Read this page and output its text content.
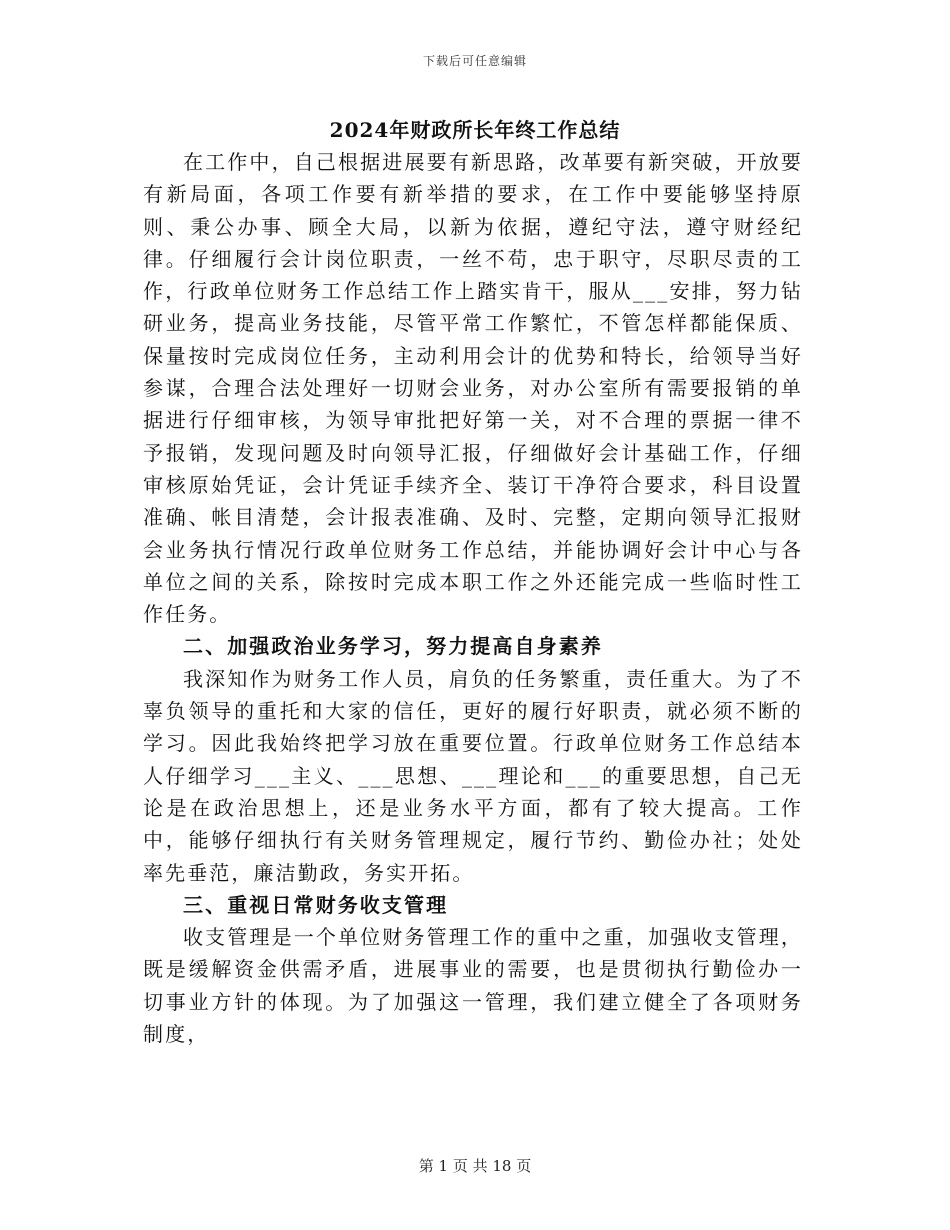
下载后可任意编辑
2024年财政所长年终工作总结

在工作中，自己根据进展要有新思路，改革要有新突破，开放要有新局面，各项工作要有新举措的要求，在工作中要能够坚持原则、秉公办事、顾全大局，以新为依据，遵纪守法，遵守财经纪律。仔细履行会计岗位职责，一丝不苟，忠于职守，尽职尽责的工作，行政单位财务工作总结工作上踏实肯干，服从___安排，努力钻研业务，提高业务技能，尽管平常工作繁忙，不管怎样都能保质、保量按时完成岗位任务，主动利用会计的优势和特长，给领导当好参谋，合理合法处理好一切财会业务，对办公室所有需要报销的单据进行仔细审核，为领导审批把好第一关，对不合理的票据一律不予报销，发现问题及时向领导汇报，仔细做好会计基础工作，仔细审核原始凭证，会计凭证手续齐全、装订干净符合要求，科目设置准确、帐目清楚，会计报表准确、及时、完整，定期向领导汇报财会业务执行情况行政单位财务工作总结，并能协调好会计中心与各单位之间的关系，除按时完成本职工作之外还能完成一些临时性工作任务。

二、加强政治业务学习，努力提高自身素养

我深知作为财务工作人员，肩负的任务繁重，责任重大。为了不辜负领导的重托和大家的信任，更好的履行好职责，就必须不断的学习。因此我始终把学习放在重要位置。行政单位财务工作总结本人仔细学习___主义、___思想、___理论和___的重要思想，自己无论是在政治思想上，还是业务水平方面，都有了较大提高。工作中，能够仔细执行有关财务管理规定，履行节约、勤俭办社；处处率先垂范，廉洁勤政，务实开拓。

三、重视日常财务收支管理

收支管理是一个单位财务管理工作的重中之重，加强收支管理，既是缓解资金供需矛盾，进展事业的需要，也是贯彻执行勤俭办一切事业方针的体现。为了加强这一管理，我们建立健全了各项财务制度，

第 1 页 共 18 页
